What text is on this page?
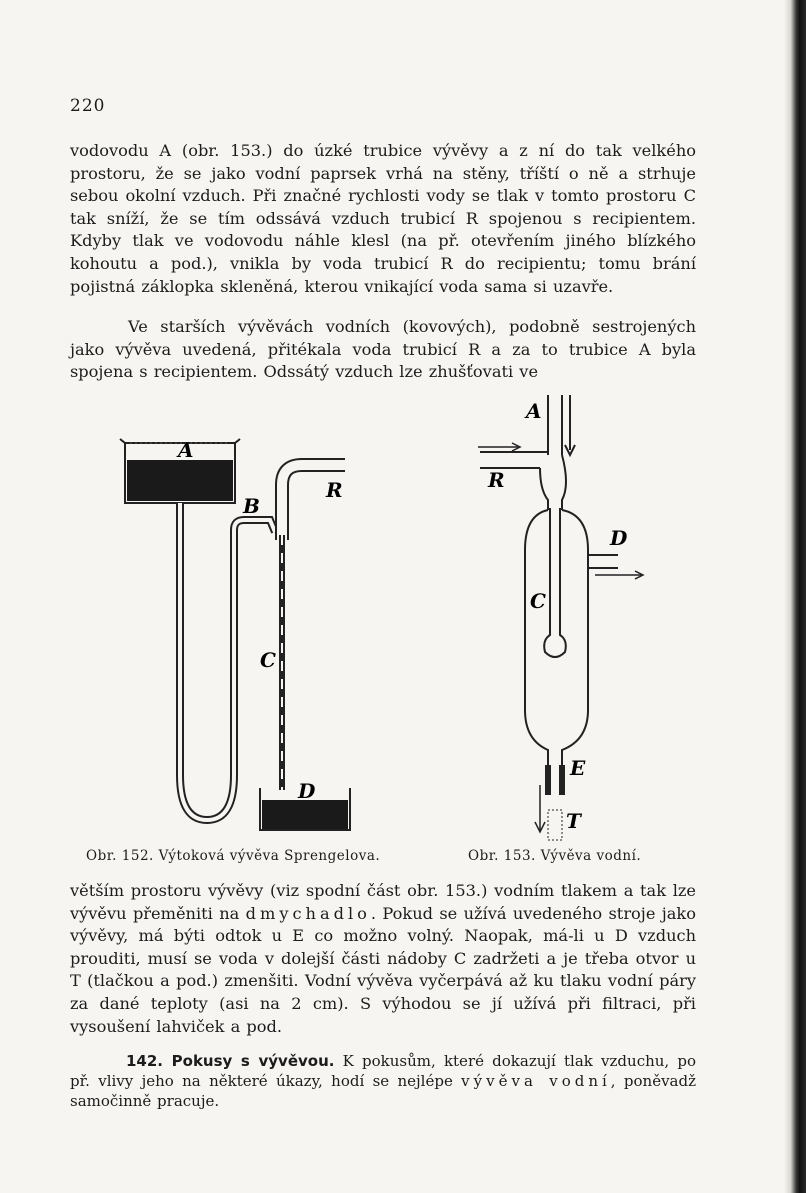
220
vodovodu A (obr. 153.) do úzké trubice vývěvy a z ní do tak velkého prostoru, že se jako vodní paprsek vrhá na stěny, tříští o ně a strhuje sebou okolní vzduch. Při značné rychlosti vody se tlak v tomto prostoru C tak sníží, že se tím odssává vzduch trubicí R spojenou s recipientem. Kdyby tlak ve vodovodu náhle klesl (na př. otevřením jiného blízkého kohoutu a pod.), vnikla by voda trubicí R do recipientu; tomu brání pojistná záklopka skleněná, kterou vnikající voda sama si uzavře.
Ve starších vývěvách vodních (kovových), podobně sestrojených jako vývěva uvedená, přitékala voda trubicí R a za to trubice A byla spojena s recipientem. Odssátý vzduch lze zhušťovati ve
A
B
R
C
D
A
R
C
D
E
T
Obr. 152. Výtoková vývěva Sprengelova.	Obr. 153. Vývěva vodní.
větším prostoru vývěvy (viz spodní část obr. 153.) vodním tlakem a tak lze vývěvu přeměniti na dmychadlo. Pokud se užívá uvedeného stroje jako vývěvy, má býti odtok u E co možno volný. Naopak, má-li u D vzduch prouditi, musí se voda v dolejší části nádoby C zadržeti a je třeba otvor u T (tlačkou a pod.) zmenšiti. Vodní vývěva vyčerpává až ku tlaku vodní páry za dané teploty (asi na 2 cm). S výhodou se jí užívá při filtraci, při vysoušení lahviček a pod.
142. Pokusy s vývěvou. K pokusům, které dokazují tlak vzduchu, po př. vlivy jeho na některé úkazy, hodí se nejlépe vývěva vodní, poněvadž samočinně pracuje.
